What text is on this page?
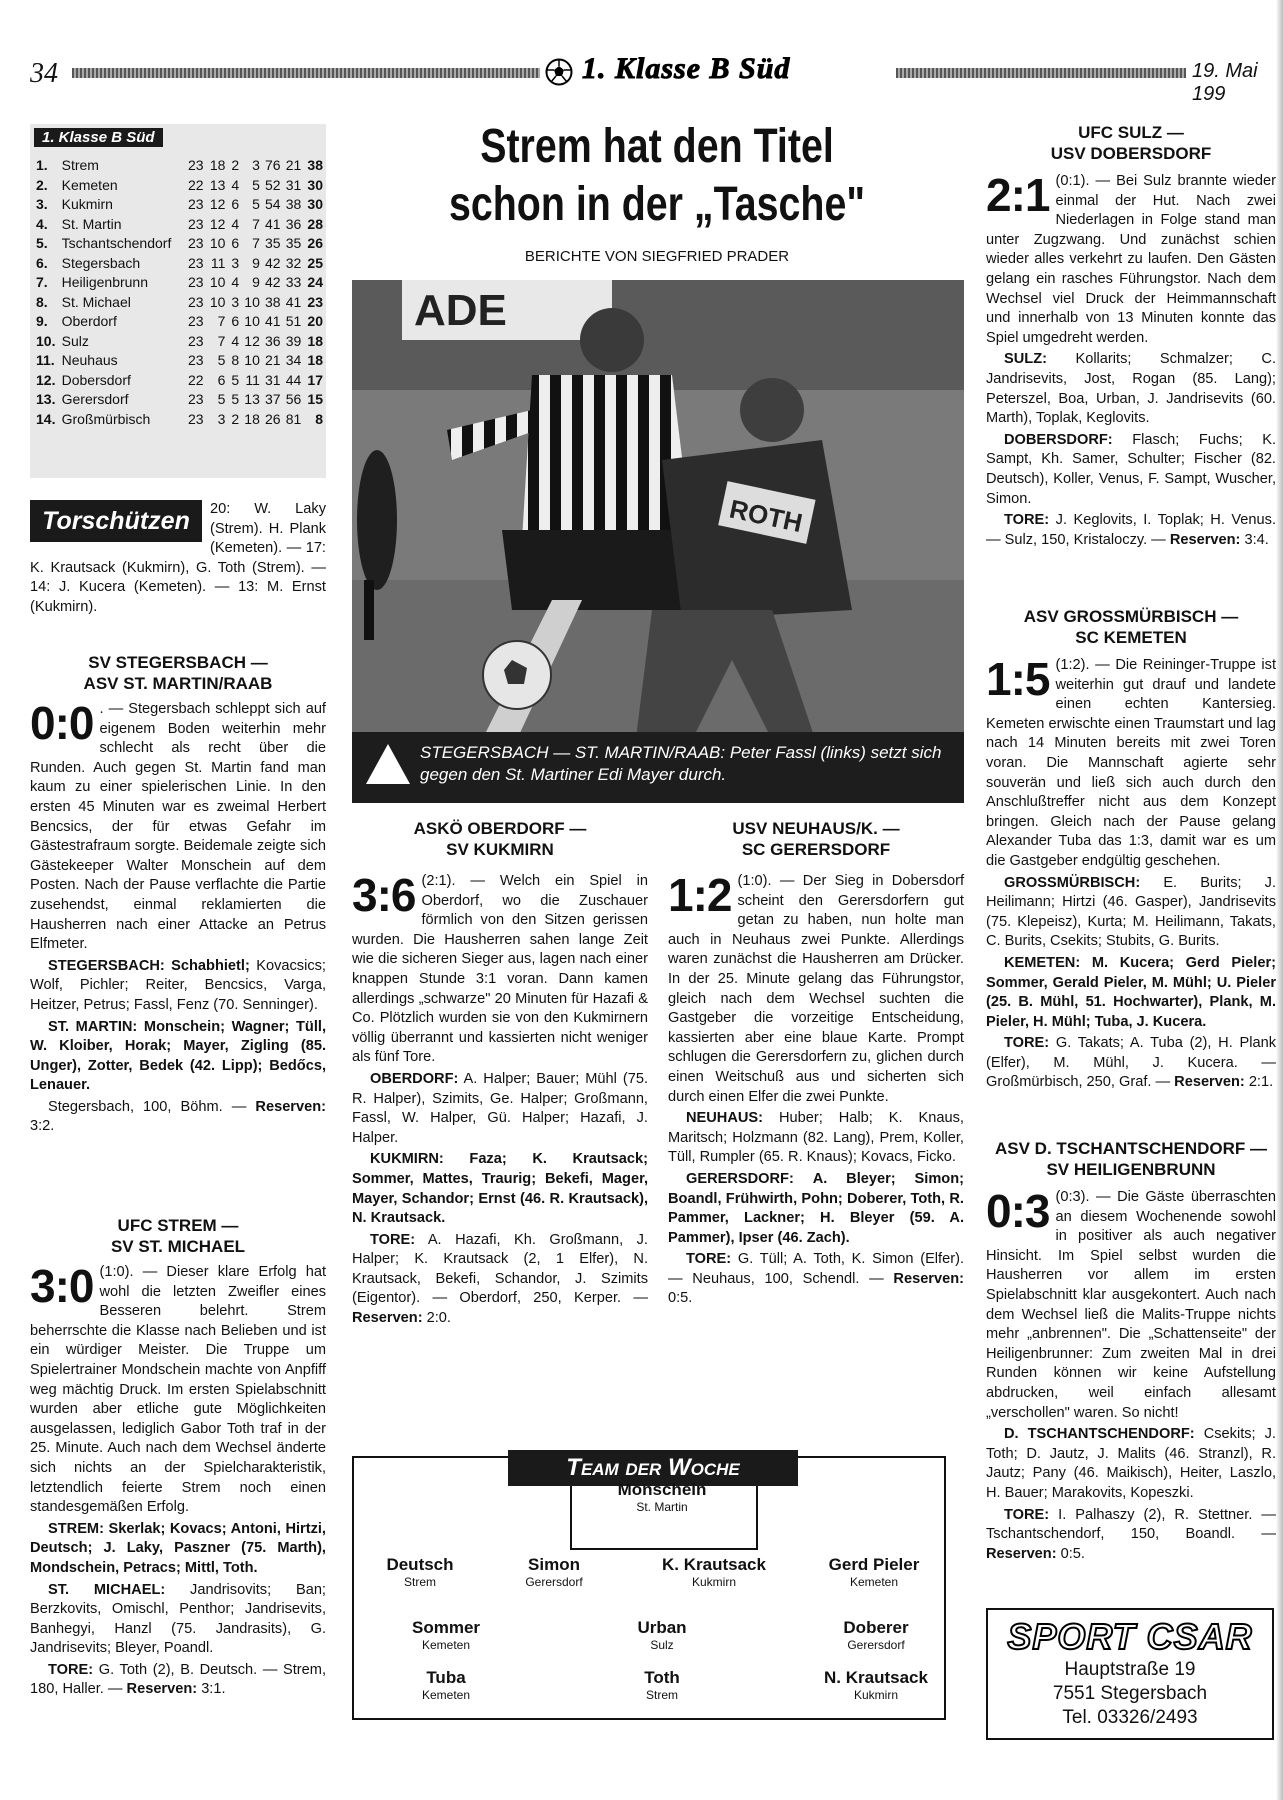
34	1. Klasse B Süd	19. Mai 199
1. Klasse B Süd
1.	Strem	23	18	2	3	76	21	38
2.	Kemeten	22	13	4	5	52	31	30
3.	Kukmirn	23	12	6	5	54	38	30
4.	St. Martin	23	12	4	7	41	36	28
5.	Tschantschendorf	23	10	6	7	35	35	26
6.	Stegersbach	23	11	3	9	42	32	25
7.	Heiligenbrunn	23	10	4	9	42	33	24
8.	St. Michael	23	10	3	10	38	41	23
9.	Oberdorf	23	7	6	10	41	51	20
10.	Sulz	23	7	4	12	36	39	18
11.	Neuhaus	23	5	8	10	21	34	18
12.	Dobersdorf	22	6	5	11	31	44	17
13.	Gerersdorf	23	5	5	13	37	56	15
14.	Großmürbisch	23	3	2	18	26	81	8
Torschützen	20: W. Laky (Strem). H. Plank (Kemeten). — 17: K. Krautsack (Kukmirn), G. Toth (Strem). — 14: J. Kucera (Kemeten). — 13: M. Ernst (Kukmirn).
SV STEGERSBACH —
ASV ST. MARTIN/RAAB

0:0 . — Stegersbach schleppt sich auf eigenem Boden weiterhin mehr schlecht als recht über die Runden. Auch gegen St. Martin fand man kaum zu einer spielerischen Linie. In den ersten 45 Minuten war es zweimal Herbert Bencsics, der für etwas Gefahr im Gästestrafraum sorgte. Beidemale zeigte sich Gästekeeper Walter Monschein auf dem Posten. Nach der Pause verflachte die Partie zusehendst, einmal reklamierten die Hausherren nach einer Attacke an Petrus Elfmeter.

STEGERSBACH: Schabhietl; Kovacsics; Wolf, Pichler; Reiter, Bencsics, Varga, Heitzer, Petrus; Fassl, Fenz (70. Senninger).

ST. MARTIN: Monschein; Wagner; Tüll, W. Kloiber, Horak; Mayer, Zigling (85. Unger), Zotter, Bedek (42. Lipp); Bedőcs, Lenauer.

Stegersbach, 100, Böhm. — Reserven: 3:2.

UFC STREM —
SV ST. MICHAEL

3:0 (1:0). — Dieser klare Erfolg hat wohl die letzten Zweifler eines Besseren belehrt. Strem beherrschte die Klasse nach Belieben und ist ein würdiger Meister. Die Truppe um Spielertrainer Mondschein machte von Anpfiff weg mächtig Druck. Im ersten Spielabschnitt wurden aber etliche gute Möglichkeiten ausgelassen, lediglich Gabor Toth traf in der 25. Minute. Auch nach dem Wechsel änderte sich nichts an der Spielcharakteristik, letztendlich feierte Strem noch einen standesgemäßen Erfolg.

STREM: Skerlak; Kovacs; Antoni, Hirtzi, Deutsch; J. Laky, Paszner (75. Marth), Mondschein, Petracs; Mittl, Toth.

ST. MICHAEL: Jandrisovits; Ban; Berzkovits, Omischl, Penthor; Jandrisevits, Banhegyi, Hanzl (75. Jandrasits), G. Jandrisevits; Bleyer, Poandl.

TORE: G. Toth (2), B. Deutsch. — Strem, 180, Haller. — Reserven: 3:1.

Strem hat den Titel
schon in der „Tasche"
BERICHTE VON SIEGFRIED PRADER
ADE
ROTH
STEGERSBACH — ST. MARTIN/RAAB: Peter Fassl (links) setzt sich gegen den St. Martiner Edi Mayer durch.
ASKÖ OBERDORF —
SV KUKMIRN

3:6 (2:1). — Welch ein Spiel in Oberdorf, wo die Zuschauer förmlich von den Sitzen gerissen wurden. Die Hausherren sahen lange Zeit wie die sicheren Sieger aus, lagen nach einer knappen Stunde 3:1 voran. Dann kamen allerdings „schwarze" 20 Minuten für Hazafi & Co. Plötzlich wurden sie von den Kukmirnern völlig überrannt und kassierten nicht weniger als fünf Tore.

OBERDORF: A. Halper; Bauer; Mühl (75. R. Halper), Szimits, Ge. Halper; Großmann, Fassl, W. Halper, Gü. Halper; Hazafi, J. Halper.

KUKMIRN: Faza; K. Krautsack; Sommer, Mattes, Traurig; Bekefi, Mager, Mayer, Schandor; Ernst (46. R. Krautsack), N. Krautsack.

TORE: A. Hazafi, Kh. Großmann, J. Halper; K. Krautsack (2, 1 Elfer), N. Krautsack, Bekefi, Schandor, J. Szimits (Eigentor). — Oberdorf, 250, Kerper. — Reserven: 2:0.

USV NEUHAUS/K. —
SC GERERSDORF

1:2 (1:0). — Der Sieg in Dobersdorf scheint den Gerersdorfern gut getan zu haben, nun holte man auch in Neuhaus zwei Punkte. Allerdings waren zunächst die Hausherren am Drücker. In der 25. Minute gelang das Führungstor, gleich nach dem Wechsel suchten die Gastgeber die vorzeitige Entscheidung, kassierten aber eine blaue Karte. Prompt schlugen die Gerersdorfern zu, glichen durch einen Weitschuß aus und sicherten sich durch einen Elfer die zwei Punkte.

NEUHAUS: Huber; Halb; K. Knaus, Maritsch; Holzmann (82. Lang), Prem, Koller, Tüll, Rumpler (65. R. Knaus); Kovacs, Ficko.

GERERSDORF: A. Bleyer; Simon; Boandl, Frühwirth, Pohn; Doberer, Toth, R. Pammer, Lackner; H. Bleyer (59. A. Pammer), Ipser (46. Zach).

TORE: G. Tüll; A. Toth, K. Simon (Elfer). — Neuhaus, 100, Schendl. — Reserven: 0:5.

Team der Woche
Monschein
St. Martin
Deutsch
Strem
Simon
Gerersdorf
K. Krautsack
Kukmirn
Gerd Pieler
Kemeten
Sommer
Kemeten
Urban
Sulz
Doberer
Gerersdorf
Tuba
Kemeten
Toth
Strem
N. Krautsack
Kukmirn
UFC SULZ —
USV DOBERSDORF

2:1 (0:1). — Bei Sulz brannte wieder einmal der Hut. Nach zwei Niederlagen in Folge stand man unter Zugzwang. Und zunächst schien wieder alles verkehrt zu laufen. Den Gästen gelang ein rasches Führungstor. Nach dem Wechsel viel Druck der Heimmannschaft und innerhalb von 13 Minuten konnte das Spiel umgedreht werden.

SULZ: Kollarits; Schmalzer; C. Jandrisevits, Jost, Rogan (85. Lang); Peterszel, Boa, Urban, J. Jandrisevits (60. Marth), Toplak, Keglovits.

DOBERSDORF: Flasch; Fuchs; K. Sampt, Kh. Samer, Schulter; Fischer (82. Deutsch), Koller, Venus, F. Sampt, Wuscher, Simon.

TORE: J. Keglovits, I. Toplak; H. Venus. — Sulz, 150, Kristaloczy. — Reserven: 3:4.

ASV GROSSMÜRBISCH —
SC KEMETEN

1:5 (1:2). — Die Reininger-Truppe ist weiterhin gut drauf und landete einen echten Kantersieg. Kemeten erwischte einen Traumstart und lag nach 14 Minuten bereits mit zwei Toren voran. Die Mannschaft agierte sehr souverän und ließ sich auch durch den Anschlußtreffer nicht aus dem Konzept bringen. Gleich nach der Pause gelang Alexander Tuba das 1:3, damit war es um die Gastgeber endgültig geschehen.

GROSSMÜRBISCH: E. Burits; J. Heilimann; Hirtzi (46. Gasper), Jandrisevits (75. Klepeisz), Kurta; M. Heilimann, Takats, C. Burits, Csekits; Stubits, G. Burits.

KEMETEN: M. Kucera; Gerd Pieler; Sommer, Gerald Pieler, M. Mühl; U. Pieler (25. B. Mühl, 51. Hochwarter), Plank, M. Pieler, H. Mühl; Tuba, J. Kucera.

TORE: G. Takats; A. Tuba (2), H. Plank (Elfer), M. Mühl, J. Kucera. — Großmürbisch, 250, Graf. — Reserven: 2:1.

ASV D. TSCHANTSCHENDORF —
SV HEILIGENBRUNN

0:3 (0:3). — Die Gäste überraschten an diesem Wochenende sowohl in positiver als auch negativer Hinsicht. Im Spiel selbst wurden die Hausherren vor allem im ersten Spielabschnitt klar ausgekontert. Auch nach dem Wechsel ließ die Malits-Truppe nichts mehr „anbrennen". Die „Schattenseite" der Heiligenbrunner: Zum zweiten Mal in drei Runden können wir keine Aufstellung abdrucken, weil einfach allesamt „verschollen" waren. So nicht!

D. TSCHANTSCHENDORF: Csekits; J. Toth; D. Jautz, J. Malits (46. Stranzl), R. Jautz; Pany (46. Maikisch), Heiter, Laszlo, H. Bauer; Marakovits, Kopeszki.

TORE: I. Palhaszy (2), R. Stettner. — Tschantschendorf, 150, Boandl. — Reserven: 0:5.

SPORT CSAR
Hauptstraße 19
7551 Stegersbach
Tel. 03326/2493
